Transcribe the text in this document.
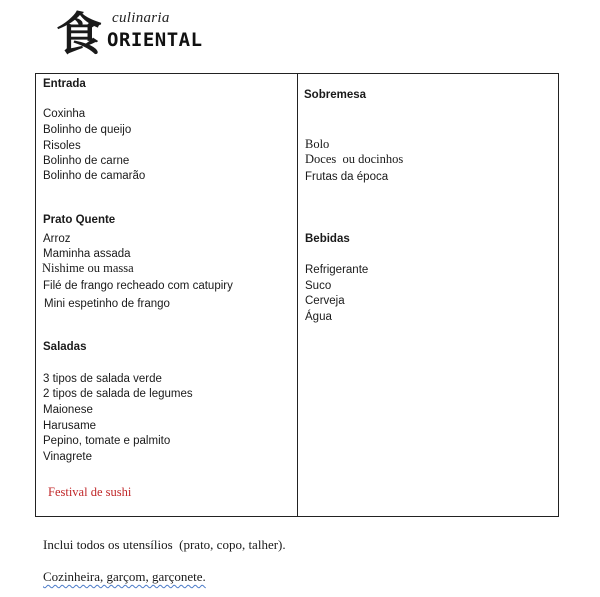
食 culinaria
ORIENTAL
Entrada
Coxinha
Bolinho de queijo
Risoles
Bolinho de carne
Bolinho de camarão
Prato Quente
Arroz
Maminha assada
Nishime ou massa
Filé de frango recheado com catupiry
Mini espetinho de frango
Saladas
3 tipos de salada verde
2 tipos de salada de legumes
Maionese
Harusame
Pepino, tomate e palmito
Vinagrete
Festival de sushi
Sobremesa
Bolo
Doces  ou docinhos
Frutas da época
Bebidas
Refrigerante
Suco
Cerveja
Água
Inclui todos os utensílios  (prato, copo, talher).
Cozinheira, garçom, garçonete.
